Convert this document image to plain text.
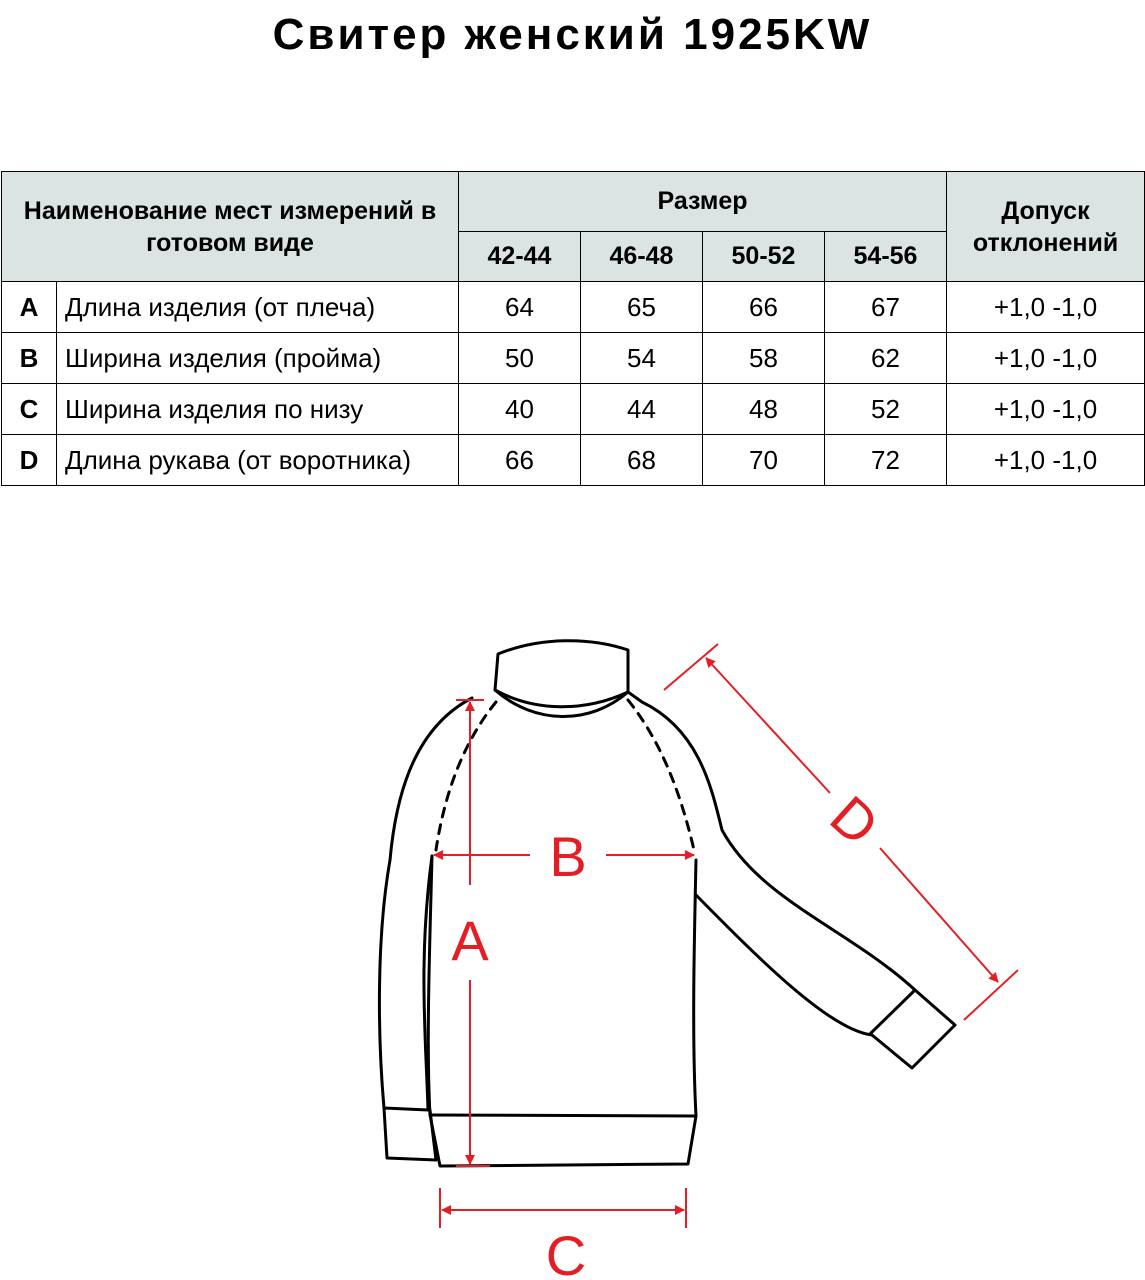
Свитер женский 1925KW
Наименование мест измерений в готовом виде		Размер				Допуск отклонений
		42-44	46-48	50-52	54-56	
A	Длина изделия (от плеча)	64	65	66	67	+1,0 -1,0
B	Ширина изделия (пройма)	50	54	58	62	+1,0 -1,0
C	Ширина изделия по низу	40	44	48	52	+1,0 -1,0
D	Длина рукава (от воротника)	66	68	70	72	+1,0 -1,0
A
B
C
D
